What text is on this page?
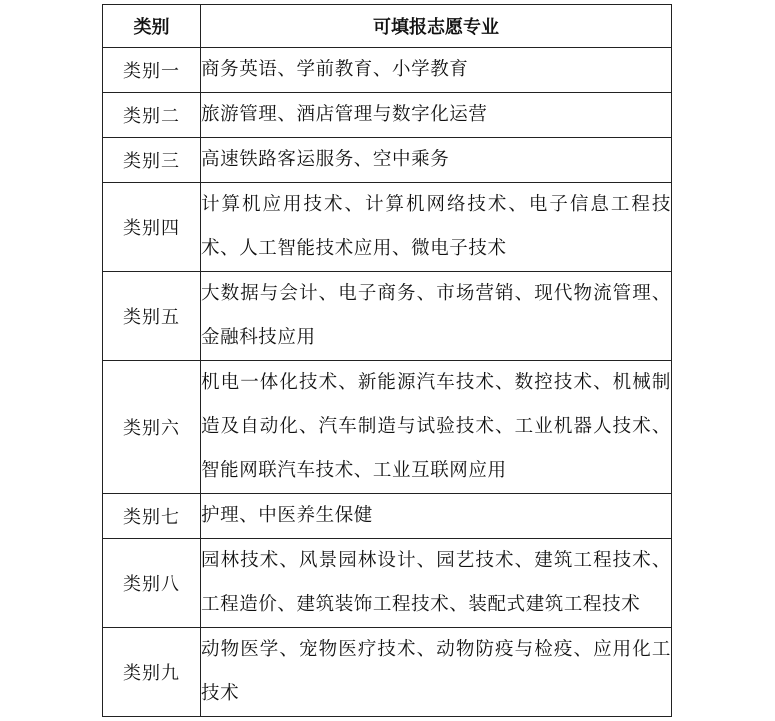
类别	可填报志愿专业
类别一	商务英语、学前教育、小学教育
类别二	旅游管理、酒店管理与数字化运营
类别三	高速铁路客运服务、空中乘务
类别四	计算机应用技术、计算机网络技术、电子信息工程技术、人工智能技术应用、微电子技术
类别五	大数据与会计、电子商务、市场营销、现代物流管理、金融科技应用
类别六	机电一体化技术、新能源汽车技术、数控技术、机械制造及自动化、汽车制造与试验技术、工业机器人技术、智能网联汽车技术、工业互联网应用
类别七	护理、中医养生保健
类别八	园林技术、风景园林设计、园艺技术、建筑工程技术、工程造价、建筑装饰工程技术、装配式建筑工程技术
类别九	动物医学、宠物医疗技术、动物防疫与检疫、应用化工技术
